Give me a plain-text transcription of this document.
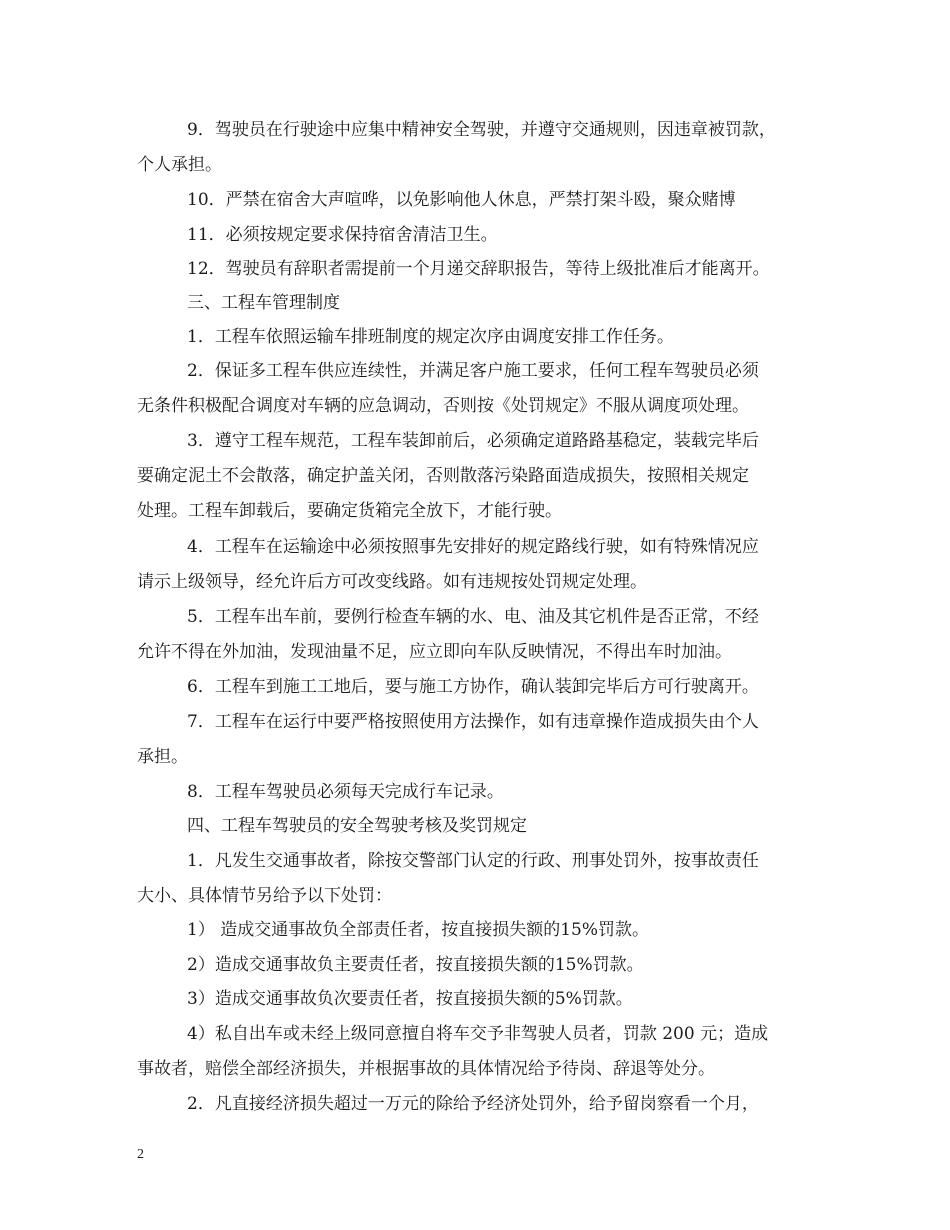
9．驾驶员在行驶途中应集中精神安全驾驶，并遵守交通规则，因违章被罚款，
个人承担。
10．严禁在宿舍大声喧哗，以免影响他人休息，严禁打架斗殴，聚众赌博
11．必须按规定要求保持宿舍清洁卫生。
12．驾驶员有辞职者需提前一个月递交辞职报告，等待上级批准后才能离开。
三、工程车管理制度
1．工程车依照运输车排班制度的规定次序由调度安排工作任务。
2．保证多工程车供应连续性，并满足客户施工要求，任何工程车驾驶员必须
无条件积极配合调度对车辆的应急调动，否则按《处罚规定》不服从调度项处理。
3．遵守工程车规范，工程车装卸前后，必须确定道路路基稳定，装载完毕后
要确定泥土不会散落，确定护盖关闭，否则散落污染路面造成损失，按照相关规定
处理。工程车卸载后，要确定货箱完全放下，才能行驶。
4．工程车在运输途中必须按照事先安排好的规定路线行驶，如有特殊情况应
请示上级领导，经允许后方可改变线路。如有违规按处罚规定处理。
5．工程车出车前，要例行检查车辆的水、电、油及其它机件是否正常，不经
允许不得在外加油，发现油量不足，应立即向车队反映情况，不得出车时加油。
6．工程车到施工工地后，要与施工方协作，确认装卸完毕后方可行驶离开。
7．工程车在运行中要严格按照使用方法操作，如有违章操作造成损失由个人
承担。
8．工程车驾驶员必须每天完成行车记录。
四、工程车驾驶员的安全驾驶考核及奖罚规定
1．凡发生交通事故者，除按交警部门认定的行政、刑事处罚外，按事故责任
大小、具体情节另给予以下处罚：
1） 造成交通事故负全部责任者，按直接损失额的15%罚款。
2）造成交通事故负主要责任者，按直接损失额的15%罚款。
3）造成交通事故负次要责任者，按直接损失额的5%罚款。
4）私自出车或未经上级同意擅自将车交予非驾驶人员者，罚款 200 元；造成
事故者，赔偿全部经济损失，并根据事故的具体情况给予待岗、辞退等处分。
2．凡直接经济损失超过一万元的除给予经济处罚外，给予留岗察看一个月，
2
